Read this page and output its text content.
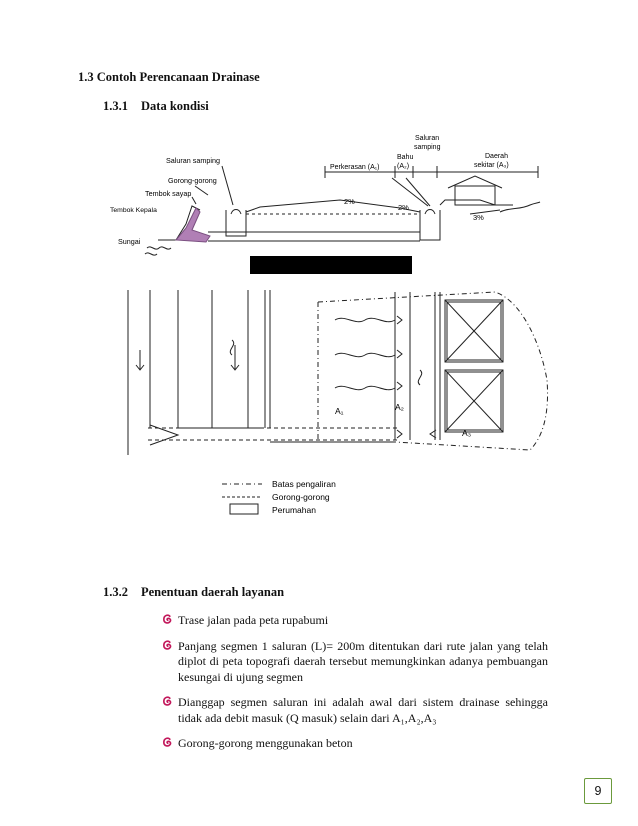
1.3 Contoh Perencanaan Drainase
1.3.1 Data kondisi
Saluran samping
Gorong-gorong
Tembok sayap
Tembok Kepala
Sungai
Perkerasan (A₁)
Bahu
(A₂)
Saluran
samping
Daerah
sekitar (A₃)
2%
2%
3%
A₁	A₂
A₃
Batas pengaliran
Gorong-gorong
Perumahan
1.3.2 Penentuan daerah layanan
Trase jalan pada peta rupabumi
Panjang segmen 1 saluran (L)= 200m ditentukan dari rute jalan yang telah diplot di peta topografi daerah tersebut memungkinkan adanya pembuangan kesungai di ujung segmen
Dianggap segmen saluran ini adalah awal dari sistem drainase sehingga tidak ada debit masuk (Q masuk) selain dari A₁,A₂,A₃
Gorong-gorong menggunakan beton
9
